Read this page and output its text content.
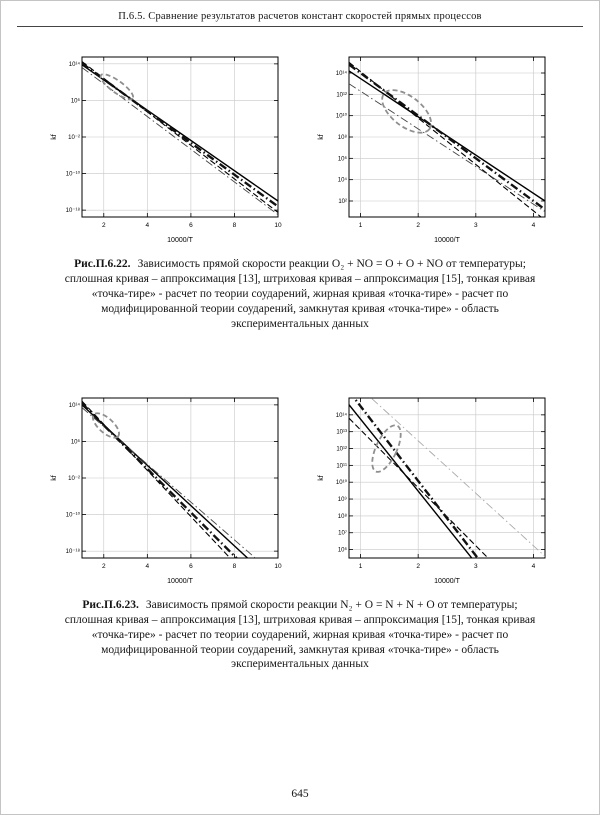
П.6.5. Сравнение результатов расчетов констант скоростей прямых процессов
2	4	6	8	10
10¹⁴
10⁶
10⁻²
10⁻¹⁰
10⁻¹⁸
10000/T
kf
1	2	3	4
10¹⁴
10¹²
10¹⁰
10⁸
10⁶
10⁴
10²
10000/T
kf

Рис.П.6.22. Зависимость прямой скорости реакции O₂ + NO = O + O + NO от температуры; сплошная кривая – аппроксимация [13], штриховая кривая – аппроксимация [15], тонкая кривая «точка-тире» - расчет по теории соударений, жирная кривая «точка-тире» - расчет по модифицированной теории соударений, замкнутая кривая «точка-тире» - область экспериментальных данных

2	4	6	8	10
10¹⁴
10⁶
10⁻²
10⁻¹⁰
10⁻¹⁸
10000/T
kf
1	2	3	4
10¹⁴
10¹³
10¹²
10¹¹
10¹⁰
10⁹
10⁸
10⁷
10⁶
10000/T
kf

Рис.П.6.23. Зависимость прямой скорости реакции N₂ + O = N + N + O от температуры; сплошная кривая – аппроксимация [13], штриховая кривая – аппроксимация [15], тонкая кривая «точка-тире» - расчет по теории соударений, жирная кривая «точка-тире» - расчет по модифицированной теории соударений, замкнутая кривая «точка-тире» - область экспериментальных данных

645
